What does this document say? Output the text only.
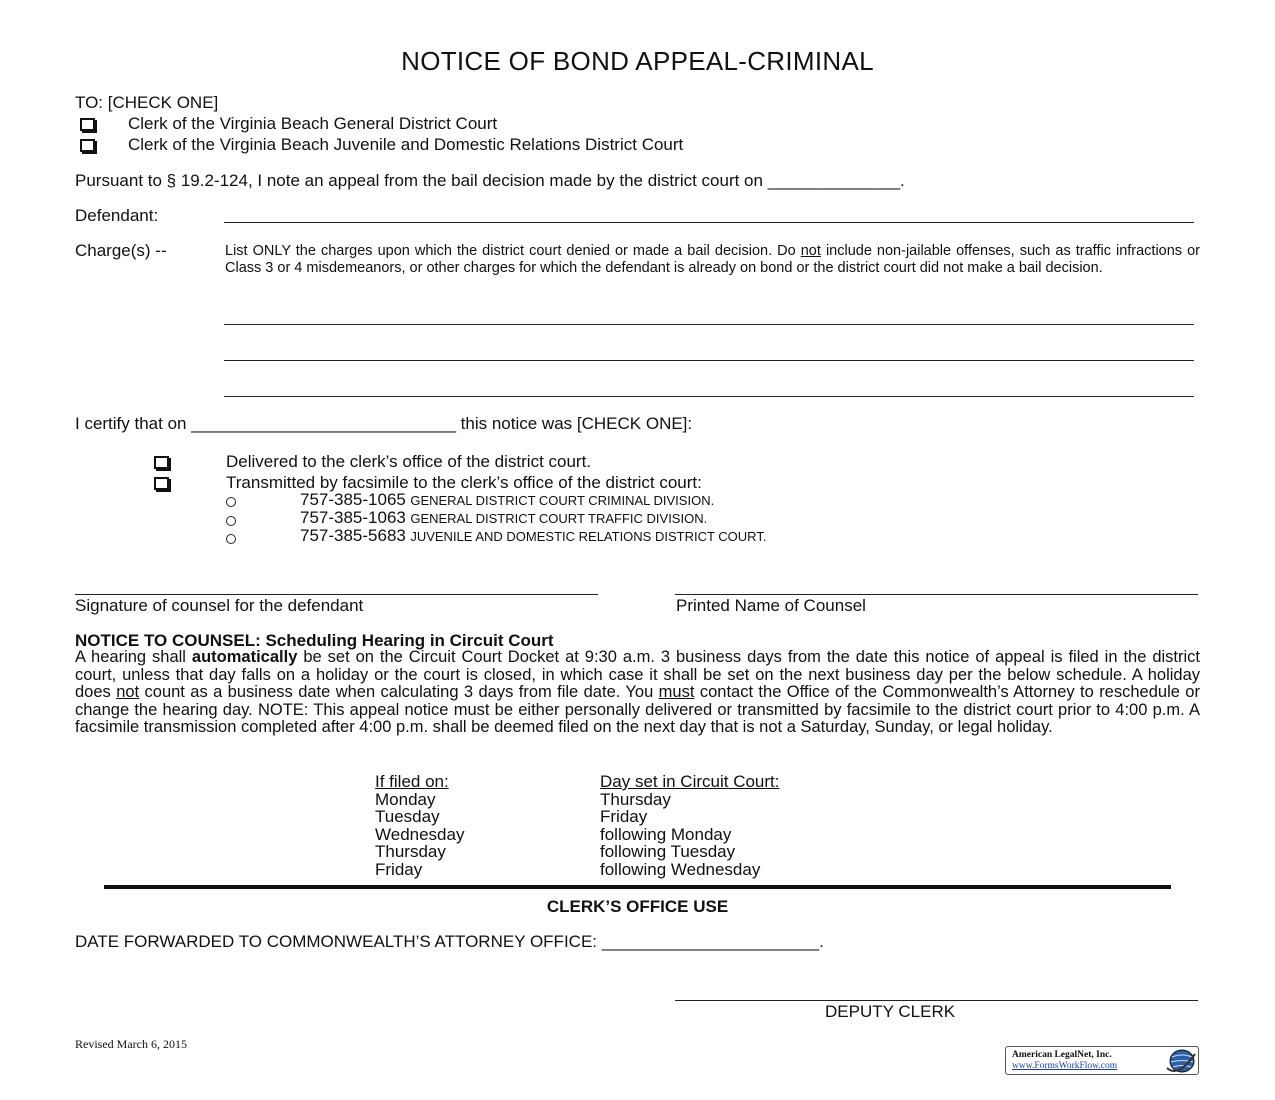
NOTICE OF BOND APPEAL-CRIMINAL
TO: [CHECK ONE]
Clerk of the Virginia Beach General District Court
Clerk of the Virginia Beach Juvenile and Domestic Relations District Court
Pursuant to § 19.2-124, I note an appeal from the bail decision made by the district court on ______________.
Defendant:
Charge(s) --	List ONLY the charges upon which the district court denied or made a bail decision. Do not include non-jailable offenses, such as traffic infractions or Class 3 or 4 misdemeanors, or other charges for which the defendant is already on bond or the district court did not make a bail decision.
I certify that on ____________________________ this notice was [CHECK ONE]:
Delivered to the clerk’s office of the district court.
Transmitted by facsimile to the clerk’s office of the district court:
757-385-1065 GENERAL DISTRICT COURT CRIMINAL DIVISION.
757-385-1063 GENERAL DISTRICT COURT TRAFFIC DIVISION.
757-385-5683 JUVENILE AND DOMESTIC RELATIONS DISTRICT COURT.
Signature of counsel for the defendant	Printed Name of Counsel
NOTICE TO COUNSEL: Scheduling Hearing in Circuit Court
A hearing shall automatically be set on the Circuit Court Docket at 9:30 a.m. 3 business days from the date this notice of appeal is filed in the district court, unless that day falls on a holiday or the court is closed, in which case it shall be set on the next business day per the below schedule. A holiday does not count as a business date when calculating 3 days from file date. You must contact the Office of the Commonwealth’s Attorney to reschedule or change the hearing day. NOTE: This appeal notice must be either personally delivered or transmitted by facsimile to the district court prior to 4:00 p.m. A facsimile transmission completed after 4:00 p.m. shall be deemed filed on the next day that is not a Saturday, Sunday, or legal holiday.
If filed on:	Day set in Circuit Court:
Monday	Thursday
Tuesday	Friday
Wednesday	following Monday
Thursday	following Tuesday
Friday	following Wednesday
CLERK’S OFFICE USE
DATE FORWARDED TO COMMONWEALTH’S ATTORNEY OFFICE: _______________________.
DEPUTY CLERK
Revised March 6, 2015
American LegalNet, Inc.
www.FormsWorkFlow.com
